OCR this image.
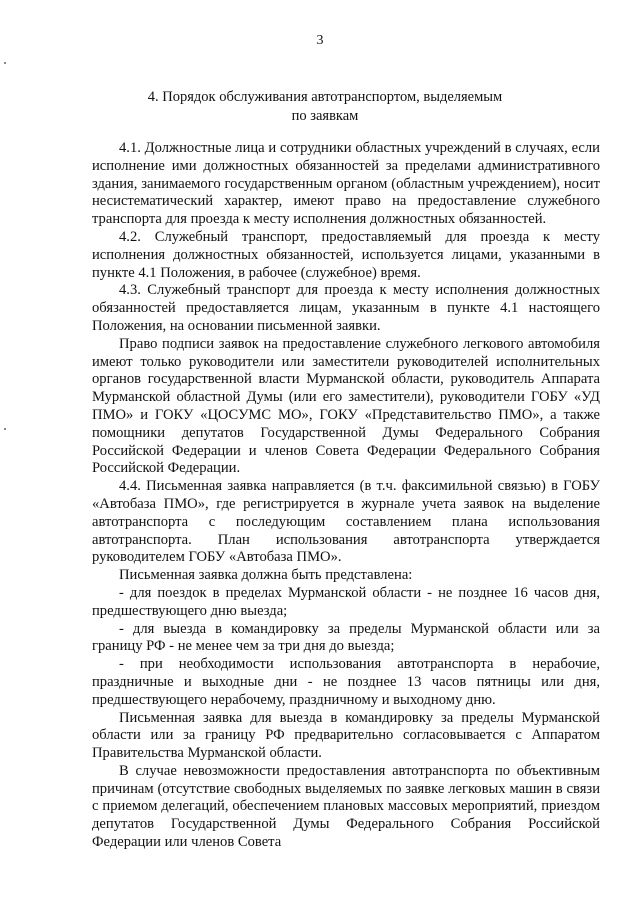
3
4. Порядок обслуживания автотранспортом, выделяемым
по заявкам

4.1. Должностные лица и сотрудники областных учреждений в случаях, если исполнение ими должностных обязанностей за пределами административного здания, занимаемого государственным органом (областным учреждением), носит несистематический характер, имеют право на предоставление служебного транспорта для проезда к месту исполнения должностных обязанностей.

4.2. Служебный транспорт, предоставляемый для проезда к месту исполнения должностных обязанностей, используется лицами, указанными в пункте 4.1 Положения, в рабочее (служебное) время.

4.3. Служебный транспорт для проезда к месту исполнения должностных обязанностей предоставляется лицам, указанным в пункте 4.1 настоящего Положения, на основании письменной заявки.

Право подписи заявок на предоставление служебного легкового автомобиля имеют только руководители или заместители руководителей исполнительных органов государственной власти Мурманской области, руководитель Аппарата Мурманской областной Думы (или его заместители), руководители ГОБУ «УД ПМО» и ГОКУ «ЦОСУМС МО», ГОКУ «Представительство ПМО», а также помощники депутатов Государственной Думы Федерального Собрания Российской Федерации и членов Совета Федерации Федерального Собрания Российской Федерации.

4.4. Письменная заявка направляется (в т.ч. факсимильной связью) в ГОБУ «Автобаза ПМО», где регистрируется в журнале учета заявок на выделение автотранспорта с последующим составлением плана использования автотранспорта. План использования автотранспорта утверждается руководителем ГОБУ «Автобаза ПМО».

Письменная заявка должна быть представлена:

- для поездок в пределах Мурманской области - не позднее 16 часов дня, предшествующего дню выезда;

- для выезда в командировку за пределы Мурманской области или за границу РФ - не менее чем за три дня до выезда;

- при необходимости использования автотранспорта в нерабочие, праздничные и выходные дни - не позднее 13 часов пятницы или дня, предшествующего нерабочему, праздничному и выходному дню.

Письменная заявка для выезда в командировку за пределы Мурманской области или за границу РФ предварительно согласовывается с Аппаратом Правительства Мурманской области.

В случае невозможности предоставления автотранспорта по объективным причинам (отсутствие свободных выделяемых по заявке легковых машин в связи с приемом делегаций, обеспечением плановых массовых мероприятий, приездом депутатов Государственной Думы Федерального Собрания Российской Федерации или членов Совета
